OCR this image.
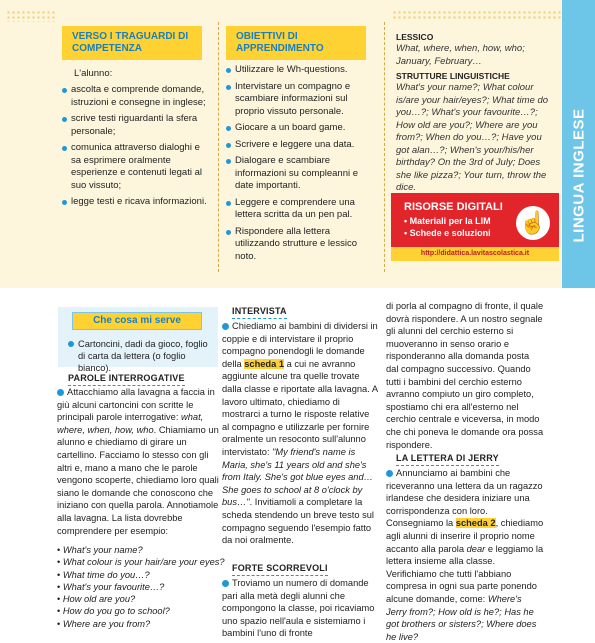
LINGUA INGLESE
VERSO I TRAGUARDI DI COMPETENZA
L'alunno:
ascolta e comprende domande, istruzioni e consegne in inglese;
scrive testi riguardanti la sfera personale;
comunica attraverso dialoghi e sa esprimere oralmente esperienze e contenuti legati al suo vissuto;
legge testi e ricava informazioni.
OBIETTIVI DI APPRENDIMENTO
Utilizzare le Wh-questions.
Intervistare un compagno e scambiare informazioni sul proprio vissuto personale.
Giocare a un board game.
Scrivere e leggere una data.
Dialogare e scambiare informazioni su compleanni e date importanti.
Leggere e comprendere una lettera scritta da un pen pal.
Rispondere alla lettera utilizzando strutture e lessico noto.
LESSICO
What, where, when, how, who; January, February…
STRUTTURE LINGUISTICHE
What's your name?; What colour is/are your hair/eyes?; What time do you…?; What's your favourite…?; How old are you?; Where are you from?; When do you…?; Have you got alan…?; When's your/his/her birthday? On the 3rd of July; Does she like pizza?; Your turn, throw the dice.
RISORSE DIGITALI
• Materiali per la LIM
• Schede e soluzioni ☝
http://didattica.lavitascolastica.it
Che cosa mi serve
Cartoncini, dadi da gioco, foglio di carta da lettera (o foglio bianco).
PAROLE INTERROGATIVE
Attacchiamo alla lavagna a faccia in giù alcuni cartoncini con scritte le principali parole interrogative: what, where, when, how, who. Chiamiamo un alunno e chiediamo di girare un cartellino. Facciamo lo stesso con gli altri e, mano a mano che le parole vengono scoperte, chiediamo loro quali siano le domande che conoscono che iniziano con quella parola. Annotiamole alla lavagna. La lista dovrebbe comprendere per esempio:
• What's your name?
• What colour is your hair/are your eyes?
• What time do you…?
• What's your favourite…?
• How old are you?
• How do you go to school?
• Where are you from?
INTERVISTA
Chiediamo ai bambini di dividersi in coppie e di intervistare il proprio compagno ponendogli le domande della scheda 1 a cui ne avranno aggiunte alcune tra quelle trovate dalla classe e riportate alla lavagna. A lavoro ultimato, chiediamo di mostrarci a turno le risposte relative al compagno e utilizzarle per fornire oralmente un resoconto sull'alunno intervistato: "My friend's name is Maria, she's 11 years old and she's from Italy. She's got blue eyes and… She goes to school at 8 o'clock by bus…". Invitiamoli a completare la scheda stendendo un breve testo sul compagno seguendo l'esempio fatto da noi oralmente.
FORTE SCORREVOLI
Troviamo un numero di domande pari alla metà degli alunni che compongono la classe, poi ricaviamo uno spazio nell'aula e sistemiamo i bambini l'uno di fronte
di porla al compagno di fronte, il quale dovrà rispondere. A un nostro segnale gli alunni del cerchio esterno si muoveranno in senso orario e risponderanno alla domanda posta dal compagno successivo. Quando tutti i bambini del cerchio esterno avranno compiuto un giro completo, spostiamo chi era all'esterno nel cerchio centrale e viceversa, in modo che chi poneva le domande ora possa rispondere.
LA LETTERA DI JERRY
Annunciamo ai bambini che riceveranno una lettera da un ragazzo irlandese che desidera iniziare una corrispondenza con loro. Consegniamo la scheda 2, chiediamo agli alunni di inserire il proprio nome accanto alla parola dear e leggiamo la lettera insieme alla classe. Verifichiamo che tutti l'abbiano compresa in ogni sua parte ponendo alcune domande, come: Where's Jerry from?; How old is he?; Has he got brothers or sisters?; Where does he live?
